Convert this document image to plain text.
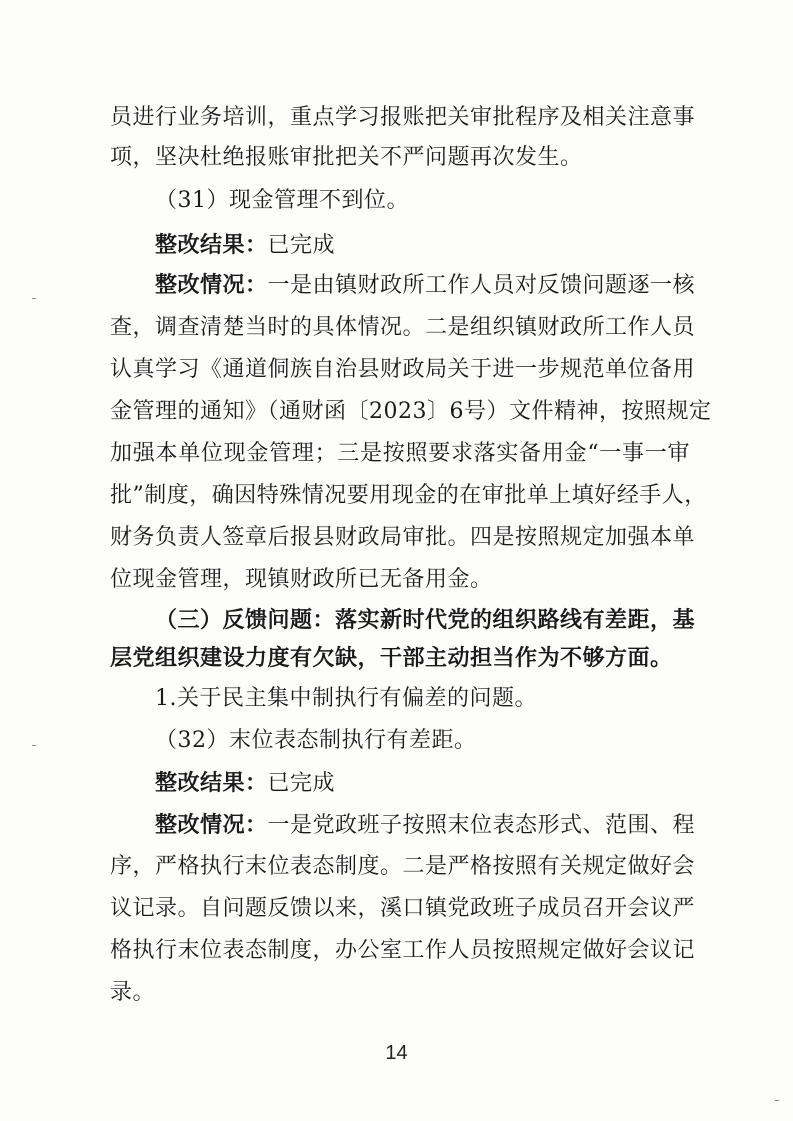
员进行业务培训，重点学习报账把关审批程序及相关注意事
项，坚决杜绝报账审批把关不严问题再次发生。
（31）现金管理不到位。
整改结果：已完成
整改情况：一是由镇财政所工作人员对反馈问题逐一核
查，调查清楚当时的具体情况。二是组织镇财政所工作人员
认真学习《通道侗族自治县财政局关于进一步规范单位备用
金管理的通知》（通财函〔2023〕6号）文件精神，按照规定
加强本单位现金管理；三是按照要求落实备用金“一事一审
批”制度，确因特殊情况要用现金的在审批单上填好经手人，
财务负责人签章后报县财政局审批。四是按照规定加强本单
位现金管理，现镇财政所已无备用金。
（三）反馈问题：落实新时代党的组织路线有差距，基
层党组织建设力度有欠缺，干部主动担当作为不够方面。
1.关于民主集中制执行有偏差的问题。
（32）末位表态制执行有差距。
整改结果：已完成
整改情况：一是党政班子按照末位表态形式、范围、程
序，严格执行末位表态制度。二是严格按照有关规定做好会
议记录。自问题反馈以来，溪口镇党政班子成员召开会议严
格执行末位表态制度，办公室工作人员按照规定做好会议记
录。
14
